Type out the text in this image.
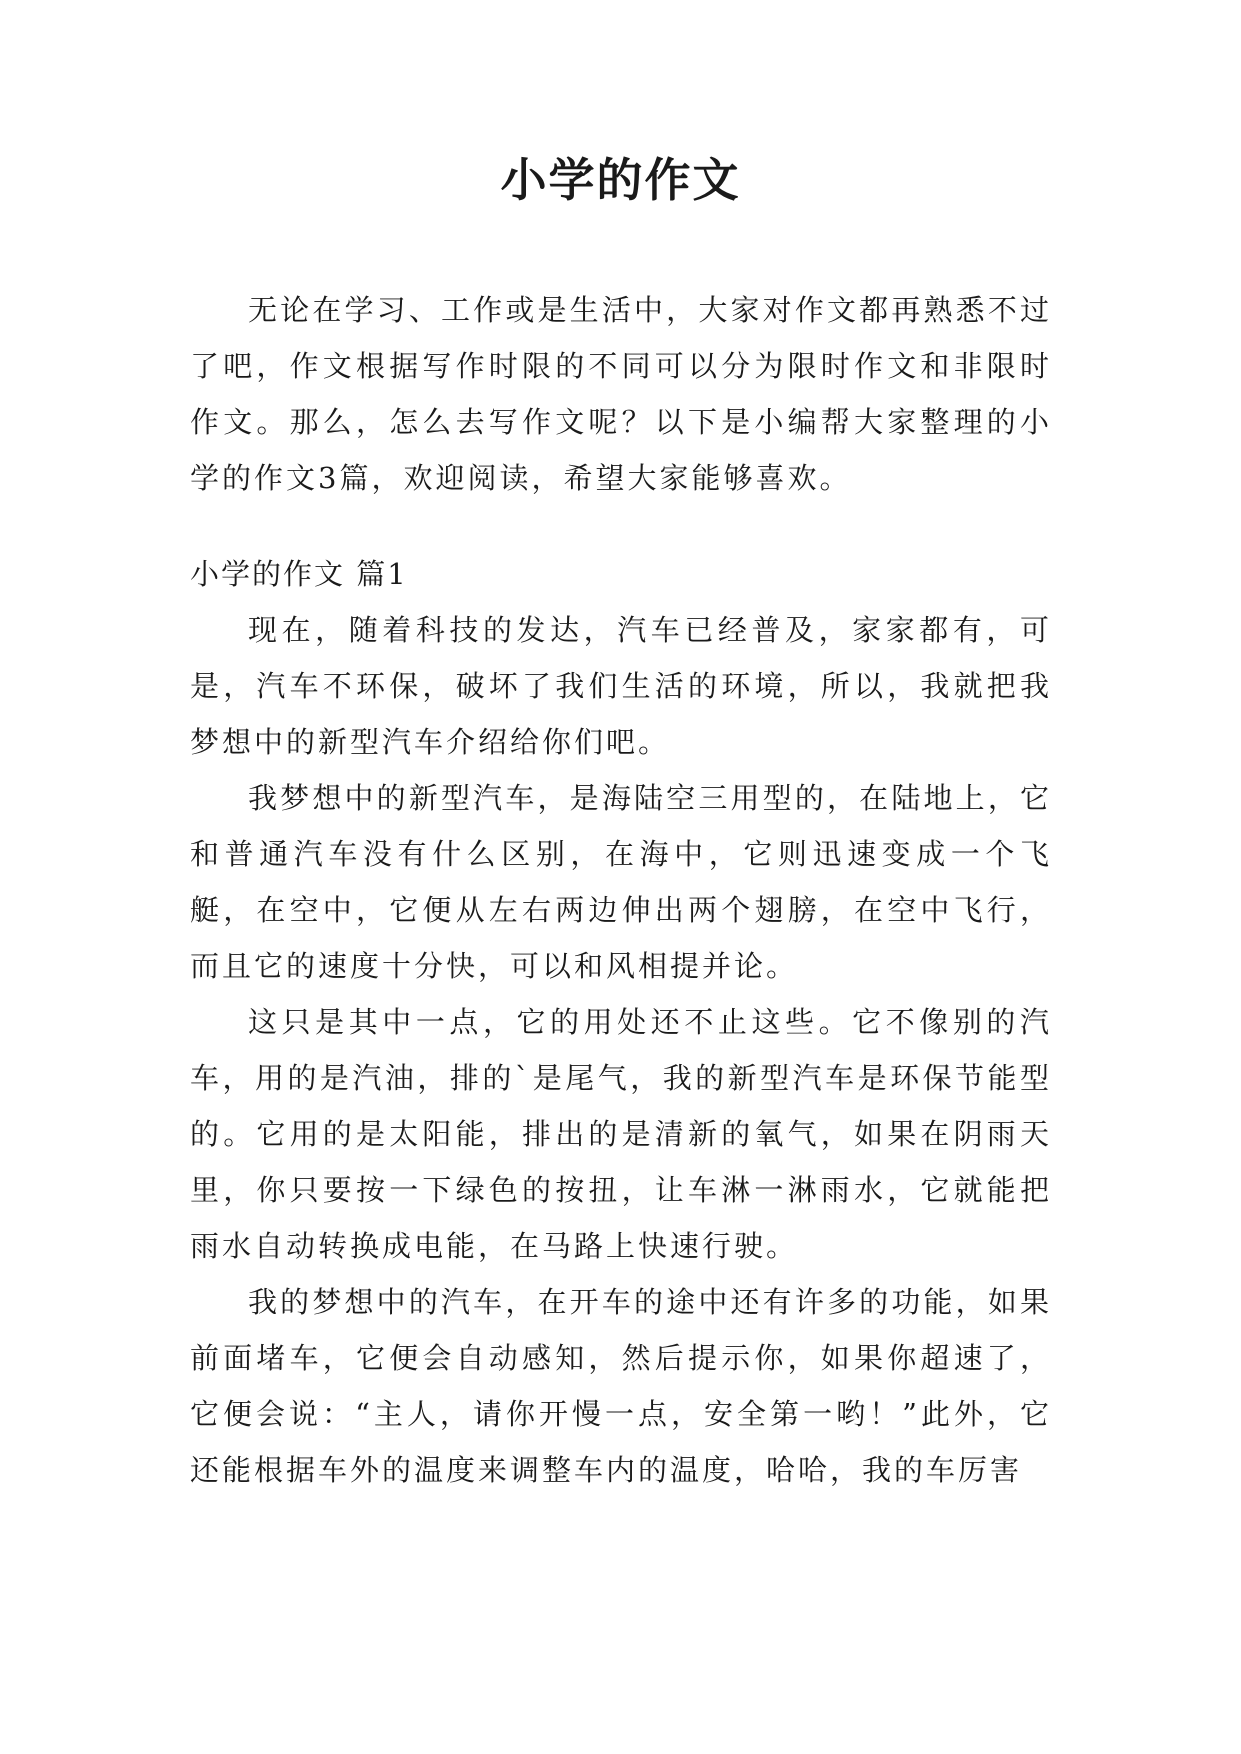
小学的作文

无论在学习、工作或是生活中，大家对作文都再熟悉不过了吧，作文根据写作时限的不同可以分为限时作文和非限时作文。那么，怎么去写作文呢？以下是小编帮大家整理的小学的作文3篇，欢迎阅读，希望大家能够喜欢。

小学的作文 篇1

现在，随着科技的发达，汽车已经普及，家家都有，可是，汽车不环保，破坏了我们生活的环境，所以，我就把我梦想中的新型汽车介绍给你们吧。

我梦想中的新型汽车，是海陆空三用型的，在陆地上，它和普通汽车没有什么区别，在海中，它则迅速变成一个飞艇，在空中，它便从左右两边伸出两个翅膀，在空中飞行，而且它的速度十分快，可以和风相提并论。

这只是其中一点，它的用处还不止这些。它不像别的汽车，用的是汽油，排的`是尾气，我的新型汽车是环保节能型的。它用的是太阳能，排出的是清新的氧气，如果在阴雨天里，你只要按一下绿色的按扭，让车淋一淋雨水，它就能把雨水自动转换成电能，在马路上快速行驶。

我的梦想中的汽车，在开车的途中还有许多的功能，如果前面堵车，它便会自动感知，然后提示你，如果你超速了，它便会说：“主人，请你开慢一点，安全第一哟！”此外，它还能根据车外的温度来调整车内的温度，哈哈，我的车厉害
